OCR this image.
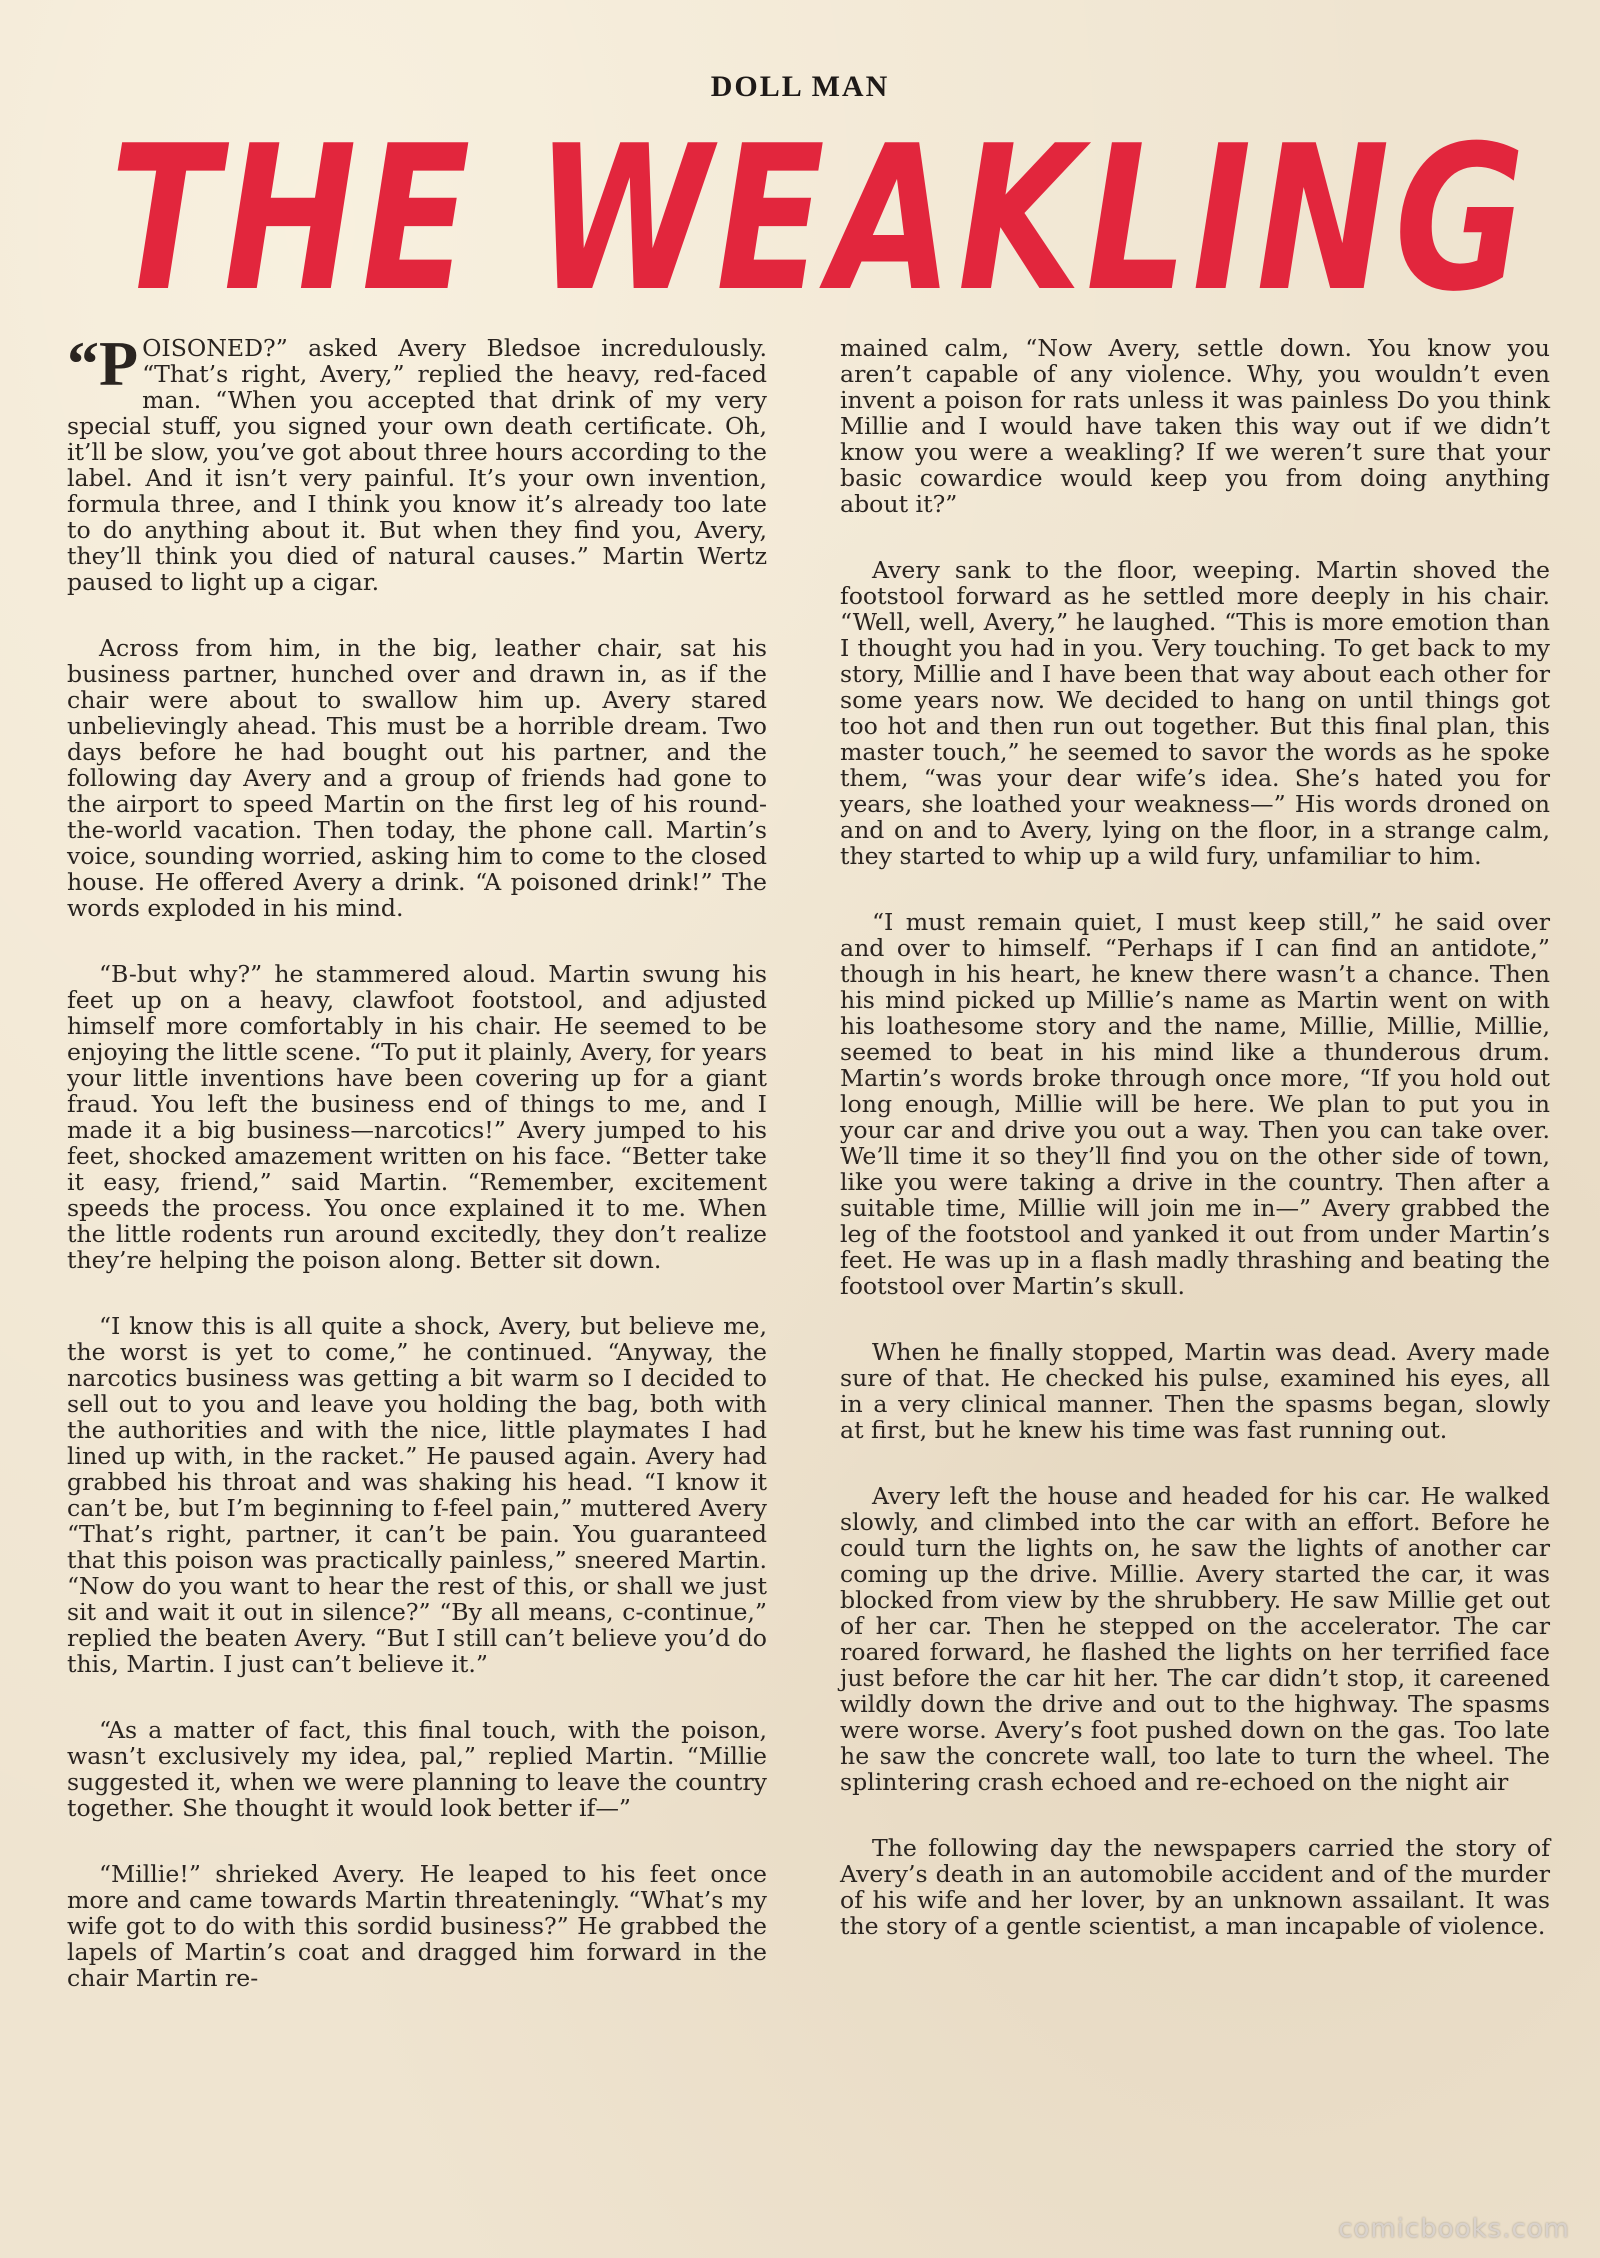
DOLL MAN
THE WEAKLING

“P OISONED?” asked Avery Bledsoe incredulously. “That’s right, Avery,” replied the heavy, red-faced man. “When you accepted that drink of my very special stuff, you signed your own death certificate. Oh, it’ll be slow, you’ve got about three hours according to the label. And it isn’t very painful. It’s your own invention, formula three, and I think you know it’s already too late to do anything about it. But when they find you, Avery, they’ll think you died of natural causes.” Martin Wertz paused to light up a cigar.

Across from him, in the big, leather chair, sat his business partner, hunched over and drawn in, as if the chair were about to swallow him up. Avery stared unbelievingly ahead. This must be a horrible dream. Two days before he had bought out his partner, and the following day Avery and a group of friends had gone to the airport to speed Martin on the first leg of his round-the-world vacation. Then today, the phone call. Martin’s voice, sounding worried, asking him to come to the closed house. He offered Avery a drink. “A poisoned drink!” The words exploded in his mind.

“B-but why?” he stammered aloud. Martin swung his feet up on a heavy, clawfoot footstool, and adjusted himself more comfortably in his chair. He seemed to be enjoying the little scene. “To put it plainly, Avery, for years your little inventions have been covering up for a giant fraud. You left the business end of things to me, and I made it a big business—narcotics!” Avery jumped to his feet, shocked amazement written on his face. “Better take it easy, friend,” said Martin. “Remember, excitement speeds the process. You once explained it to me. When the little rodents run around excitedly, they don’t realize they’re helping the poison along. Better sit down.

“I know this is all quite a shock, Avery, but believe me, the worst is yet to come,” he continued. “Anyway, the narcotics business was getting a bit warm so I decided to sell out to you and leave you holding the bag, both with the authorities and with the nice, little playmates I had lined up with, in the racket.” He paused again. Avery had grabbed his throat and was shaking his head. “I know it can’t be, but I’m beginning to f-feel pain,” muttered Avery “That’s right, partner, it can’t be pain. You guaranteed that this poison was practically painless,” sneered Martin. “Now do you want to hear the rest of this, or shall we just sit and wait it out in silence?” “By all means, c-continue,” replied the beaten Avery. “But I still can’t believe you’d do this, Martin. I just can’t believe it.”

“As a matter of fact, this final touch, with the poison, wasn’t exclusively my idea, pal,” replied Martin. “Millie suggested it, when we were planning to leave the country together. She thought it would look better if—”

“Millie!” shrieked Avery. He leaped to his feet once more and came towards Martin threateningly. “What’s my wife got to do with this sordid business?” He grabbed the lapels of Martin’s coat and dragged him forward in the chair Martin re-

mained calm, “Now Avery, settle down. You know you aren’t capable of any violence. Why, you wouldn’t even invent a poison for rats unless it was painless Do you think Millie and I would have taken this way out if we didn’t know you were a weakling? If we weren’t sure that your basic cowardice would keep you from doing anything about it?”

Avery sank to the floor, weeping. Martin shoved the footstool forward as he settled more deeply in his chair. “Well, well, Avery,” he laughed. “This is more emotion than I thought you had in you. Very touching. To get back to my story, Millie and I have been that way about each other for some years now. We decided to hang on until things got too hot and then run out together. But this final plan, this master touch,” he seemed to savor the words as he spoke them, “was your dear wife’s idea. She’s hated you for years, she loathed your weakness—” His words droned on and on and to Avery, lying on the floor, in a strange calm, they started to whip up a wild fury, unfamiliar to him.

“I must remain quiet, I must keep still,” he said over and over to himself. “Perhaps if I can find an antidote,” though in his heart, he knew there wasn’t a chance. Then his mind picked up Millie’s name as Martin went on with his loathesome story and the name, Millie, Millie, Millie, seemed to beat in his mind like a thunderous drum. Martin’s words broke through once more, “If you hold out long enough, Millie will be here. We plan to put you in your car and drive you out a way. Then you can take over. We’ll time it so they’ll find you on the other side of town, like you were taking a drive in the country. Then after a suitable time, Millie will join me in—” Avery grabbed the leg of the footstool and yanked it out from under Martin’s feet. He was up in a flash madly thrashing and beating the footstool over Martin’s skull.

When he finally stopped, Martin was dead. Avery made sure of that. He checked his pulse, examined his eyes, all in a very clinical manner. Then the spasms began, slowly at first, but he knew his time was fast running out.

Avery left the house and headed for his car. He walked slowly, and climbed into the car with an effort. Before he could turn the lights on, he saw the lights of another car coming up the drive. Millie. Avery started the car, it was blocked from view by the shrubbery. He saw Millie get out of her car. Then he stepped on the accelerator. The car roared forward, he flashed the lights on her terrified face just before the car hit her. The car didn’t stop, it careened wildly down the drive and out to the highway. The spasms were worse. Avery’s foot pushed down on the gas. Too late he saw the concrete wall, too late to turn the wheel. The splintering crash echoed and re-echoed on the night air

The following day the newspapers carried the story of Avery’s death in an automobile accident and of the murder of his wife and her lover, by an unknown assailant. It was the story of a gentle scientist, a man incapable of violence.

comicbooks.com
